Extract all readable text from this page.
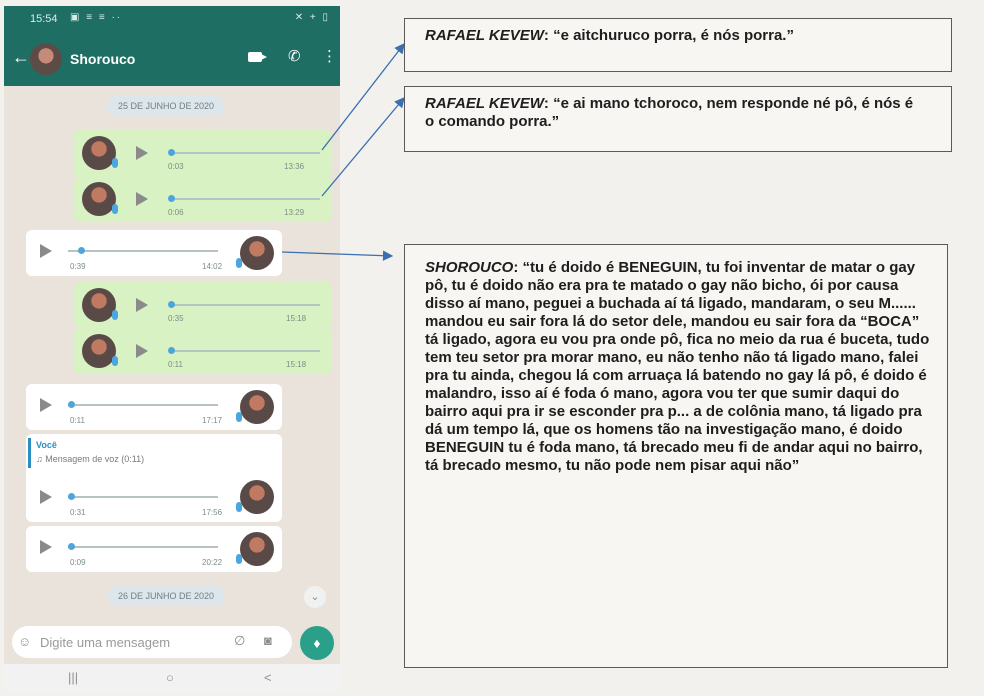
15:54 ▣ ≡ ≡ ··	✕ + ▯
←	Shorouco	✆ ⋮
25 DE JUNHO DE 2020
0:03	13:36
0:06	13:29
0:39	14:02
0:35	15:18
0:11	15:18
0:11	17:17
Você
♫ Mensagem de voz (0:11)
0:31	17:56
0:09	20:22
26 DE JUNHO DE 2020	⌄
☺ Digite uma mensagem	∅ ◙	♦
|||	○	<
RAFAEL KEVEW: “e aitchuruco porra, é nós porra.”
RAFAEL KEVEW: “e ai mano tchoroco, nem responde né pô, é nós é o comando porra.”
SHOROUCO: “tu é doido é BENEGUIN, tu foi inventar de matar o gay pô, tu é doido não era pra te matado o gay não bicho, ói por causa disso aí mano, peguei a buchada aí tá ligado, mandaram, o seu M...... mandou eu sair fora lá do setor dele, mandou eu sair fora da “BOCA” tá ligado, agora eu vou pra onde pô, fica no meio da rua é buceta, tudo tem teu setor pra morar mano, eu não tenho não tá ligado mano, falei pra tu ainda, chegou lá com arruaça lá batendo no gay lá pô, é doido é malandro, isso aí é foda ó mano, agora vou ter que sumir daqui do bairro aqui pra ir se esconder pra p... a de colônia mano, tá ligado pra dá um tempo lá, que os homens tão na investigação mano, é doido BENEGUIN tu é foda mano, tá brecado meu fi de andar aqui no bairro, tá brecado mesmo, tu não pode nem pisar aqui não”
